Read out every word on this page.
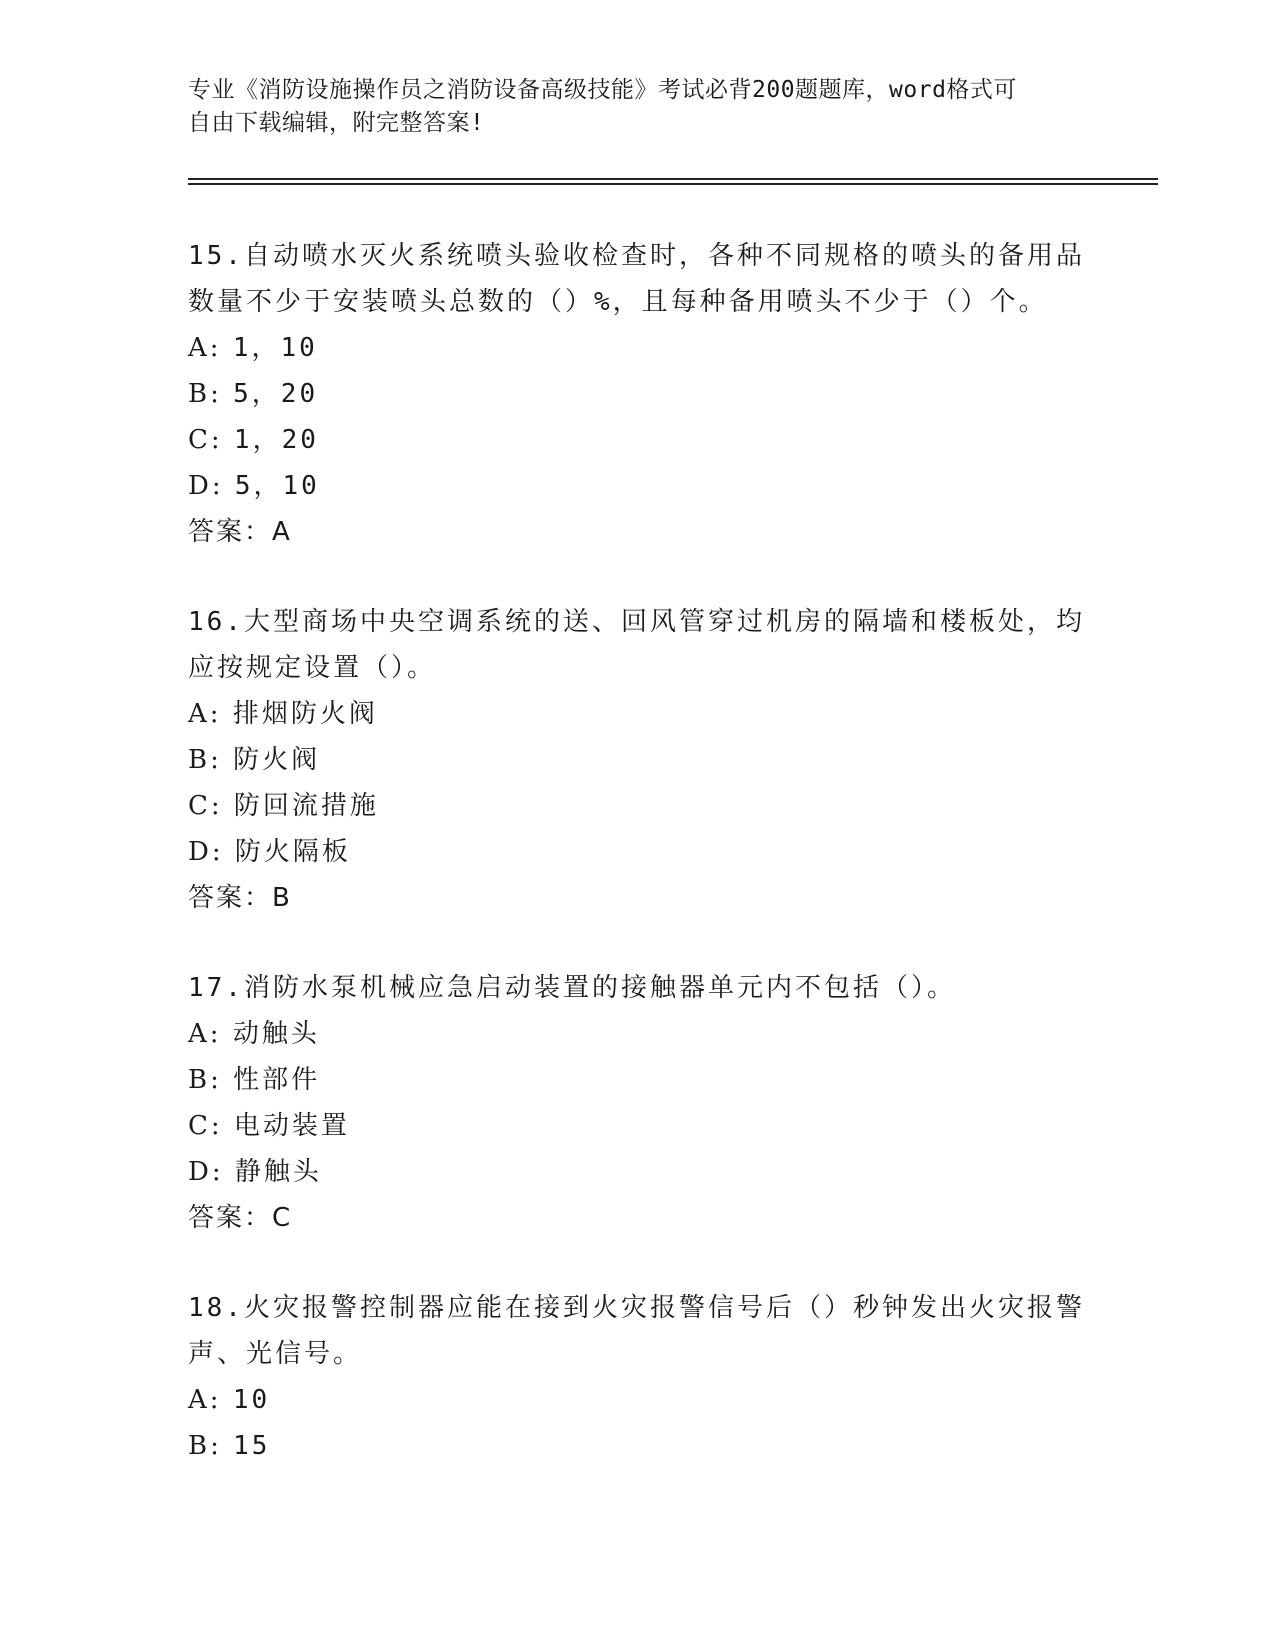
专业《消防设施操作员之消防设备高级技能》考试必背200题题库，word格式可
自由下载编辑，附完整答案!

15.自动喷水灭火系统喷头验收检查时，各种不同规格的喷头的备用品

数量不少于安装喷头总数的（）%，且每种备用喷头不少于（）个。

A: 1，10

B: 5，20

C: 1，20

D: 5，10

答案：A

16.大型商场中央空调系统的送、回风管穿过机房的隔墙和楼板处，均

应按规定设置（）。

A: 排烟防火阀

B: 防火阀

C: 防回流措施

D: 防火隔板

答案：B

17.消防水泵机械应急启动装置的接触器单元内不包括（）。

A: 动触头

B: 性部件

C: 电动装置

D: 静触头

答案：C

18.火灾报警控制器应能在接到火灾报警信号后（）秒钟发出火灾报警

声、光信号。

A: 10

B: 15
